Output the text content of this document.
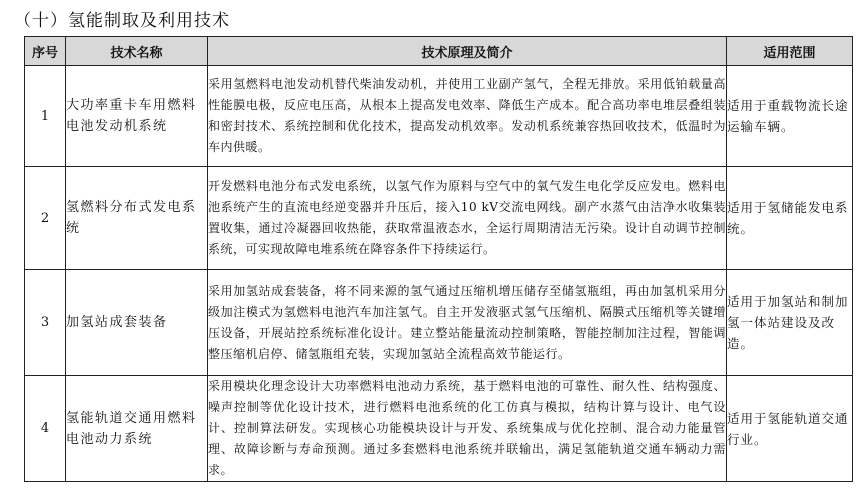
（十）氢能制取及利用技术
序号	技术名称	技术原理及简介	适用范围
1	大功率重卡车用燃料电池发动机系统	采用氢燃料电池发动机替代柴油发动机，并使用工业副产氢气，全程无排放。采用低铂载量高性能膜电极，反应电压高，从根本上提高发电效率、降低生产成本。配合高功率电堆层叠组装和密封技术、系统控制和优化技术，提高发动机效率。发动机系统兼容热回收技术，低温时为车内供暖。	适用于重载物流长途运输车辆。
2	氢燃料分布式发电系统	开发燃料电池分布式发电系统，以氢气作为原料与空气中的氧气发生电化学反应发电。燃料电池系统产生的直流电经逆变器并升压后，接入10 kV交流电网线。副产水蒸气由洁净水收集装置收集，通过冷凝器回收热能，获取常温液态水，全运行周期清洁无污染。设计自动调节控制系统，可实现故障电堆系统在降容条件下持续运行。	适用于氢储能发电系统。
3	加氢站成套装备	采用加氢站成套装备，将不同来源的氢气通过压缩机增压储存至储氢瓶组，再由加氢机采用分级加注模式为氢燃料电池汽车加注氢气。自主开发液驱式氢气压缩机、隔膜式压缩机等关键增压设备，开展站控系统标准化设计。建立整站能量流动控制策略，智能控制加注过程，智能调整压缩机启停、储氢瓶组充装，实现加氢站全流程高效节能运行。	适用于加氢站和制加氢一体站建设及改造。
4	氢能轨道交通用燃料电池动力系统	采用模块化理念设计大功率燃料电池动力系统，基于燃料电池的可靠性、耐久性、结构强度、噪声控制等优化设计技术，进行燃料电池系统的化工仿真与模拟，结构计算与设计、电气设计、控制算法研发。实现核心功能模块设计与开发、系统集成与优化控制、混合动力能量管理、故障诊断与寿命预测。通过多套燃料电池系统并联输出，满足氢能轨道交通车辆动力需求。	适用于氢能轨道交通行业。
